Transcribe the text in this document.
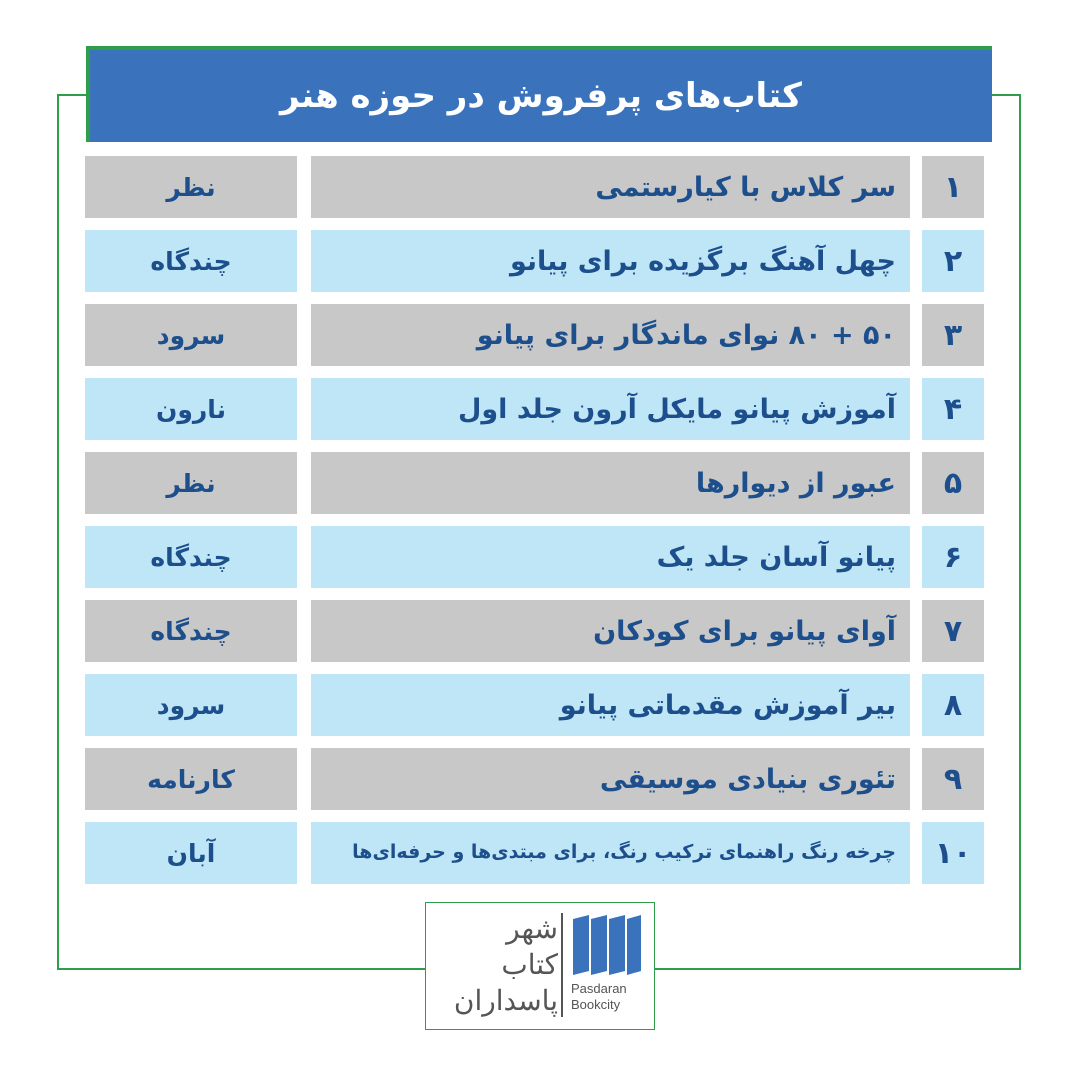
کتاب‌های پرفروش در حوزه هنر
۱
سر کلاس با کیارستمی
نظر
۲
چهل آهنگ برگزیده برای پیانو
چندگاه
۳
۵۰ + ۸۰ نوای ماندگار برای پیانو
سرود
۴
آموزش پیانو مایکل آرون جلد اول
نارون
۵
عبور از دیوارها
نظر
۶
پیانو آسان جلد یک
چندگاه
۷
آوای پیانو برای کودکان
چندگاه
۸
بیر آموزش مقدماتی پیانو
سرود
۹
تئوری بنیادی موسیقی
کارنامه
۱۰
چرخه رنگ راهنمای ترکیب رنگ، برای مبتدی‌ها و حرفه‌ای‌ها
آبان
شهر
کتاب
پاسداران Pasdaran
Bookcity
